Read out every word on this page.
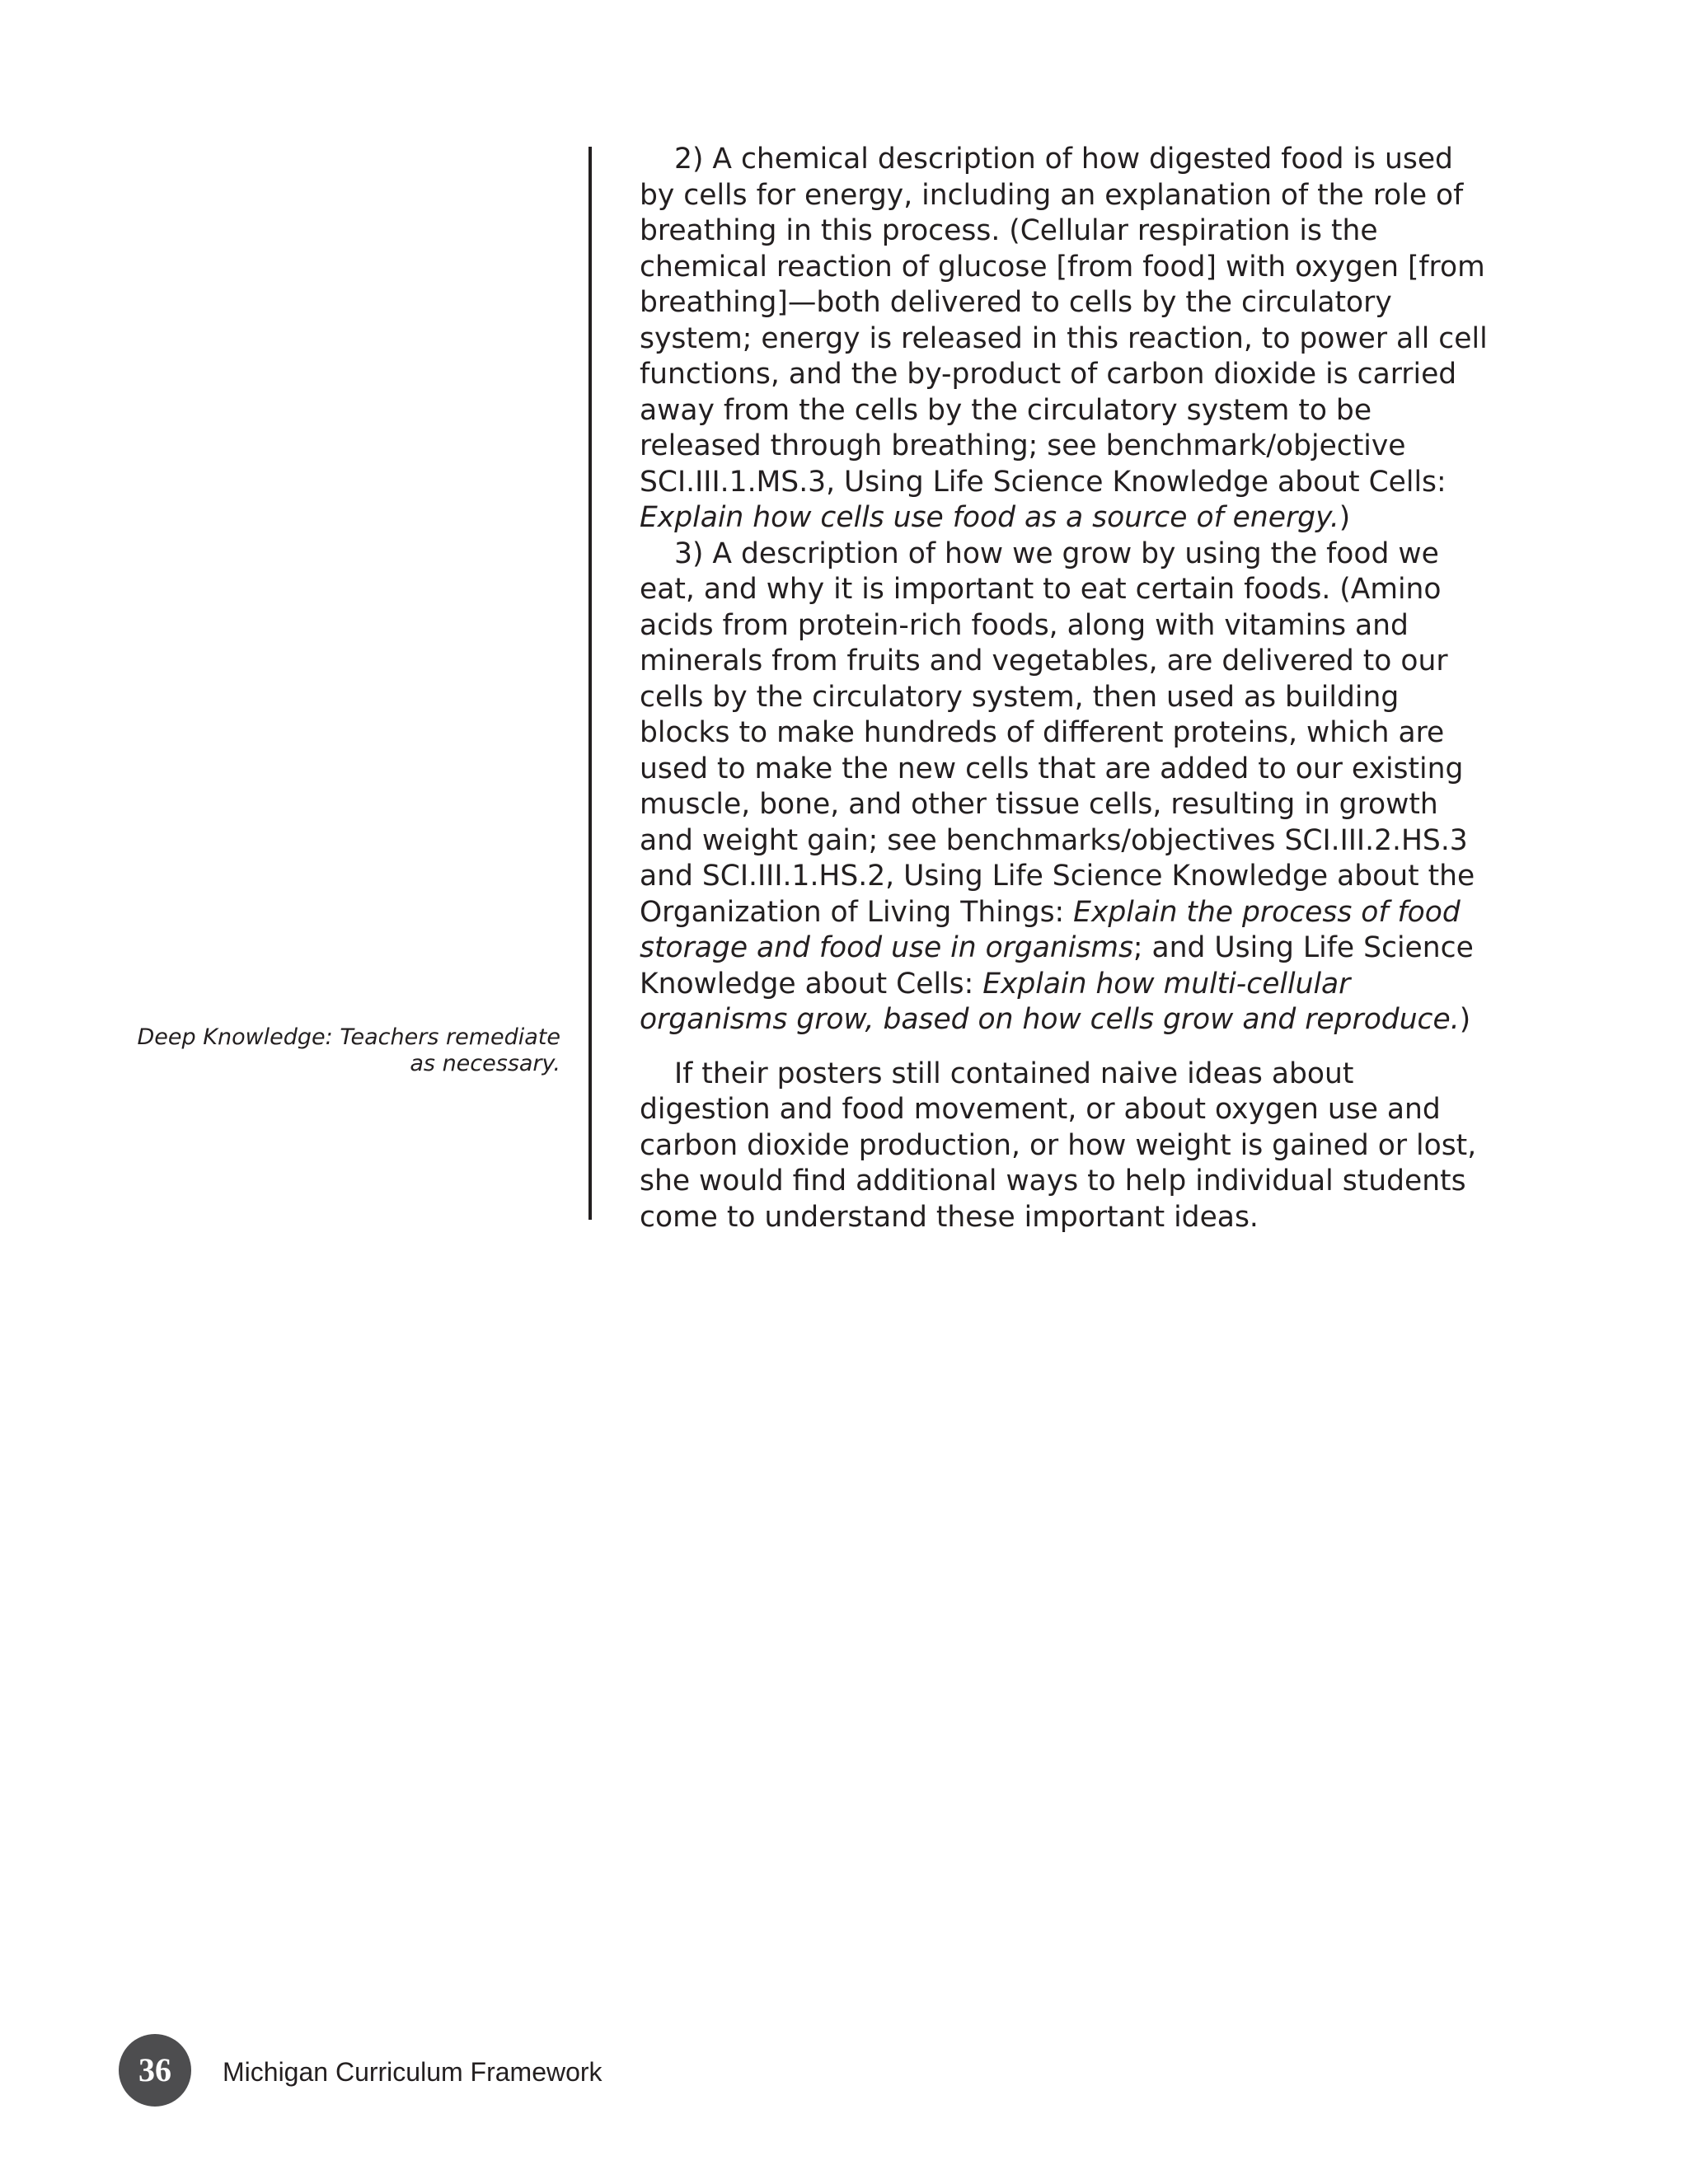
Deep Knowledge: Teachers remediate
as necessary.

2) A chemical description of how digested food is used by cells for energy, including an explanation of the role of breathing in this process. (Cellular respiration is the chemical reaction of glucose [from food] with oxygen [from breathing]—both delivered to cells by the circulatory system; energy is released in this reaction, to power all cell functions, and the by-product of carbon dioxide is carried away from the cells by the circulatory system to be released through breathing; see benchmark/objective SCI.III.1.MS.3, Using Life Science Knowledge about Cells: Explain how cells use food as a source of energy.)

3) A description of how we grow by using the food we eat, and why it is important to eat certain foods. (Amino acids from protein-rich foods, along with vitamins and minerals from fruits and vegetables, are delivered to our cells by the circulatory system, then used as building blocks to make hundreds of different proteins, which are used to make the new cells that are added to our existing muscle, bone, and other tissue cells, resulting in growth and weight gain; see benchmarks/objectives SCI.III.2.HS.3 and SCI.III.1.HS.2, Using Life Science Knowledge about the Organization of Living Things: Explain the process of food storage and food use in organisms; and Using Life Science Knowledge about Cells: Explain how multi-cellular organisms grow, based on how cells grow and reproduce.)

If their posters still contained naive ideas about digestion and food movement, or about oxygen use and carbon dioxide production, or how weight is gained or lost, she would find additional ways to help individual students come to understand these important ideas.

36	Michigan Curriculum Framework
